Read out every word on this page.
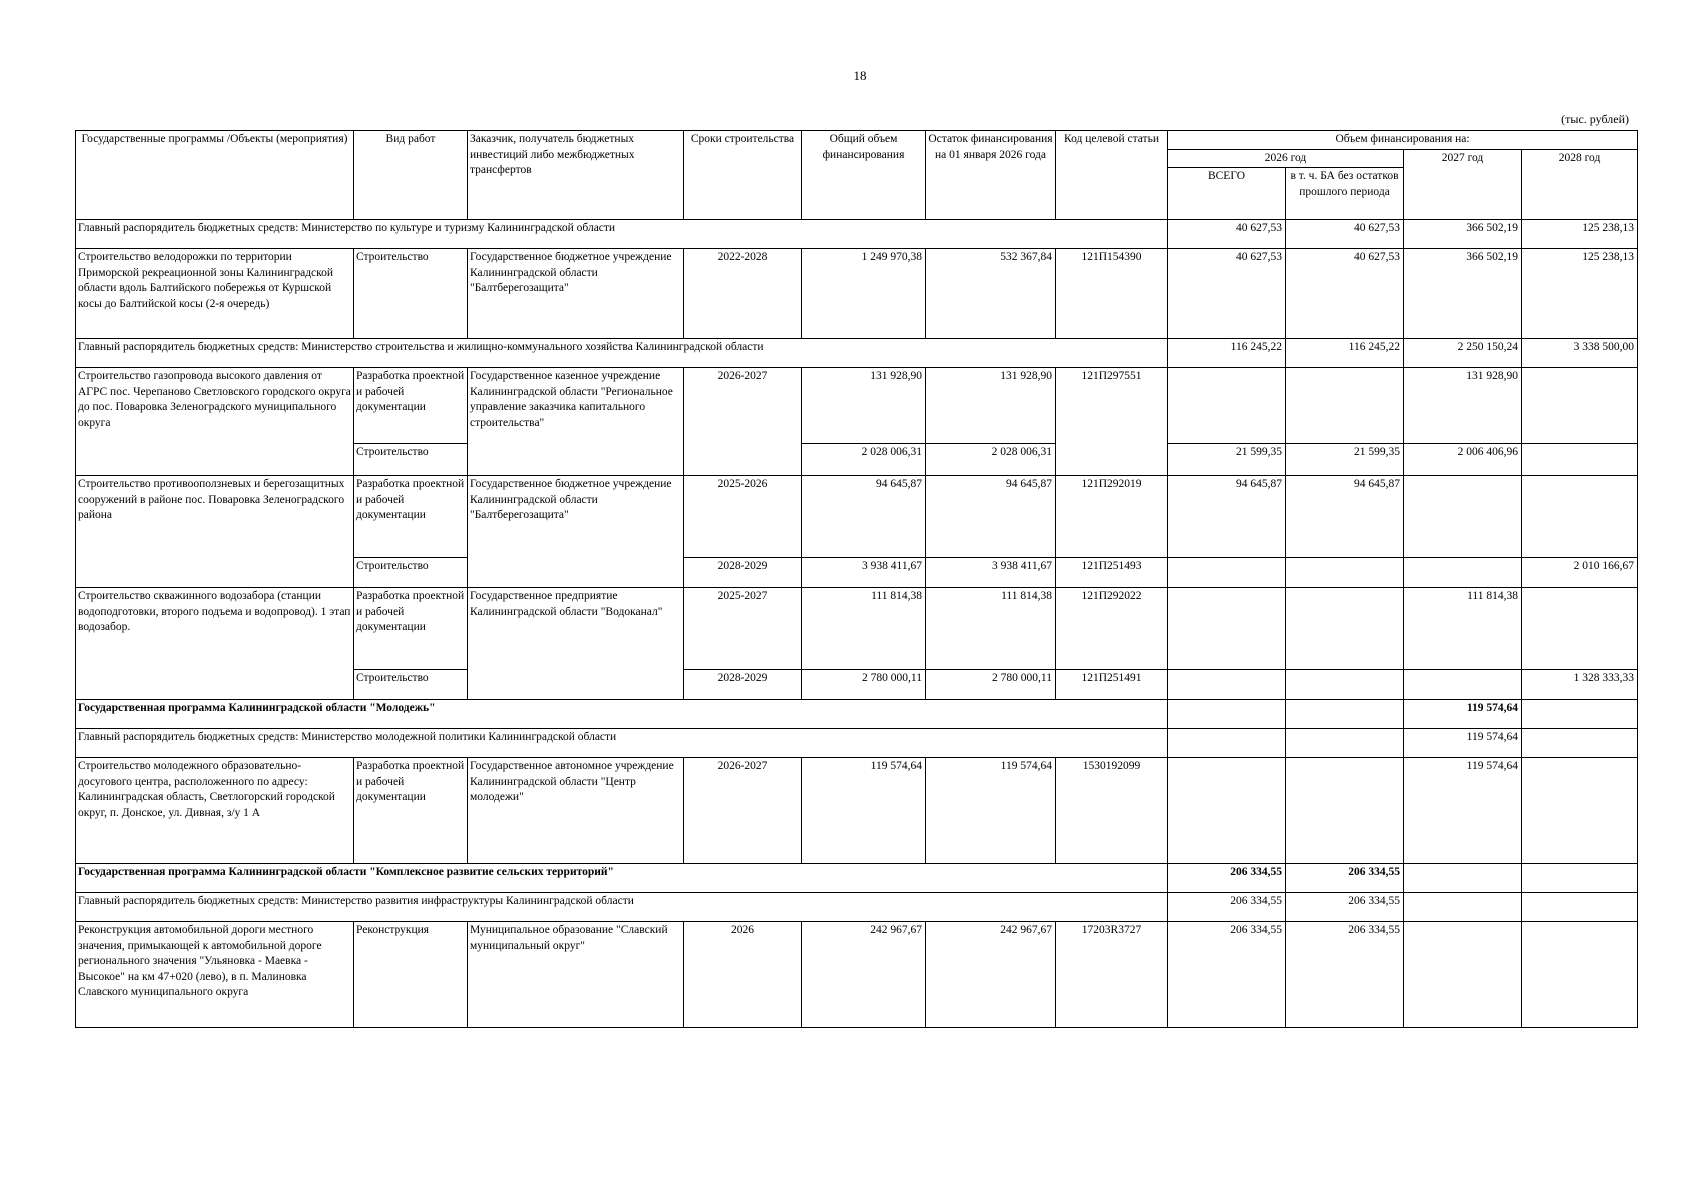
18
(тыс. рублей)
Государственные программы /Объекты (мероприятия)	Вид работ	Заказчик, получатель бюджетных инвестиций либо межбюджетных трансфертов	Сроки строительства	Общий объем финансирования	Остаток финансирования на 01 января 2026 года	Код целевой статьи	Объем финансирования на:			
							2026 год		2027 год	2028 год
							ВСЕГО	в т. ч. БА без остатков прошлого периода		
Главный распорядитель бюджетных средств: Министерство по культуре и туризму Калининградской области							40 627,53	40 627,53	366 502,19	125 238,13
Строительство велодорожки по территории Приморской рекреационной зоны Калининградской области вдоль Балтийского побережья от Куршской косы до Балтийской косы (2-я очередь)	Строительство	Государственное бюджетное учреждение Калининградской области "Балтберегозащита"	2022-2028	1 249 970,38	532 367,84	121П154390	40 627,53	40 627,53	366 502,19	125 238,13
Главный распорядитель бюджетных средств: Министерство строительства и жилищно-коммунального хозяйства Калининградской области							116 245,22	116 245,22	2 250 150,24	3 338 500,00
Строительство газопровода высокого давления от АГРС пос. Черепаново Светловского городского округа до пос. Поваровка Зеленоградского муниципального округа	Разработка проектной и рабочей документации	Государственное казенное учреждение Калининградской области "Региональное управление заказчика капитального строительства"	2026-2027	131 928,90	131 928,90	121П297551			131 928,90	
	Строительство			2 028 006,31	2 028 006,31		21 599,35	21 599,35	2 006 406,96	
Строительство противооползневых и берегозащитных сооружений в районе пос. Поваровка Зеленоградского района	Разработка проектной и рабочей документации	Государственное бюджетное учреждение Калининградской области "Балтберегозащита"	2025-2026	94 645,87	94 645,87	121П292019	94 645,87	94 645,87		
	Строительство		2028-2029	3 938 411,67	3 938 411,67	121П251493				2 010 166,67
Строительство скважинного водозабора (станции водоподготовки, второго подъема и водопровод). 1 этап водозабор.	Разработка проектной и рабочей документации	Государственное предприятие Калининградской области "Водоканал"	2025-2027	111 814,38	111 814,38	121П292022			111 814,38	
	Строительство		2028-2029	2 780 000,11	2 780 000,11	121П251491				1 328 333,33
Государственная программа Калининградской области "Молодежь"									119 574,64	
Главный распорядитель бюджетных средств: Министерство молодежной политики Калининградской области									119 574,64	
Строительство молодежного образовательно-досугового центра, расположенного по адресу: Калининградская область, Светлогорский городской округ, п. Донское, ул. Дивная, з/у 1 А	Разработка проектной и рабочей документации	Государственное автономное учреждение Калининградской области "Центр молодежи"	2026-2027	119 574,64	119 574,64	1530192099			119 574,64	
Государственная программа Калининградской области "Комплексное развитие сельских территорий"							206 334,55	206 334,55		
Главный распорядитель бюджетных средств: Министерство развития инфраструктуры Калининградской области							206 334,55	206 334,55		
Реконструкция автомобильной дороги местного значения, примыкающей к автомобильной дороге регионального значения "Ульяновка - Маевка - Высокое" на км 47+020 (лево), в п. Малиновка Славского муниципального округа	Реконструкция	Муниципальное образование "Славский муниципальный округ"	2026	242 967,67	242 967,67	17203R3727	206 334,55	206 334,55		
